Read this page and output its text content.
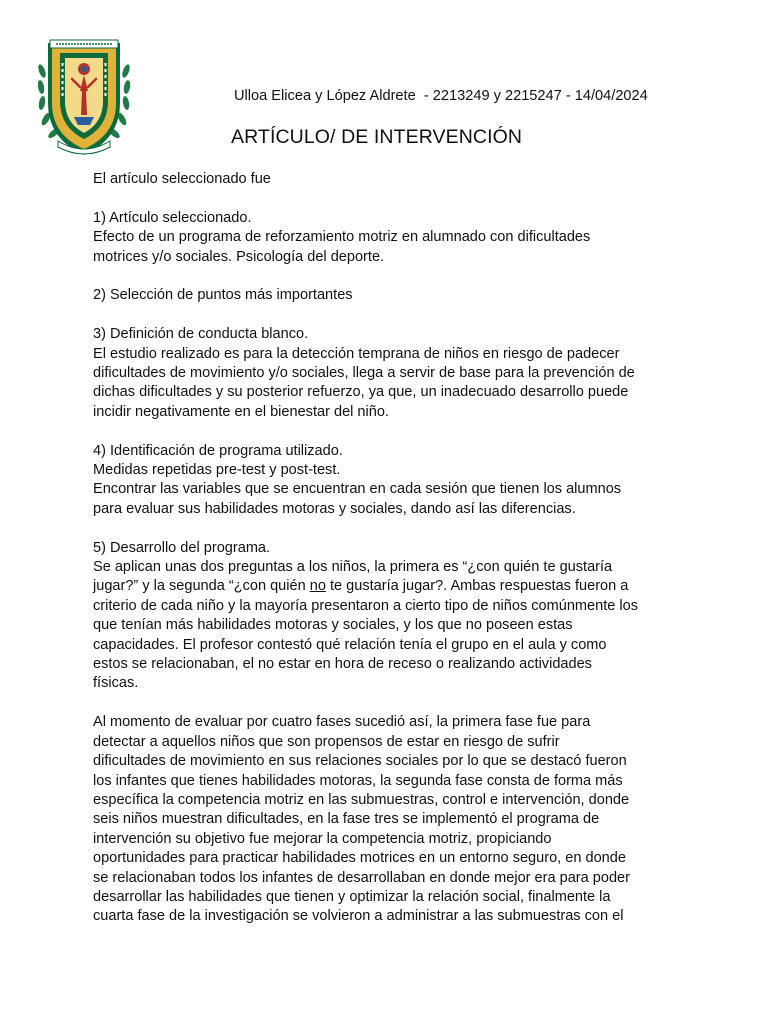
Ulloa Elicea y López Aldrete  - 2213249 y 2215247 - 14/04/2024

ARTÍCULO/ DE INTERVENCIÓN

El artículo seleccionado fue

1) Artículo seleccionado.

Efecto de un programa de reforzamiento motriz en alumnado con dificultades

motrices y/o sociales. Psicología del deporte.

2) Selección de puntos más importantes

3) Definición de conducta blanco.

El estudio realizado es para la detección temprana de niños en riesgo de padecer

dificultades de movimiento y/o sociales, llega a servir de base para la prevención de

dichas dificultades y su posterior refuerzo, ya que, un inadecuado desarrollo puede

incidir negativamente en el bienestar del niño.

4) Identificación de programa utilizado.

Medidas repetidas pre-test y post-test.

Encontrar las variables que se encuentran en cada sesión que tienen los alumnos

para evaluar sus habilidades motoras y sociales, dando así las diferencias.

5) Desarrollo del programa.

Se aplican unas dos preguntas a los niños, la primera es “¿con quién te gustaría

jugar?” y la segunda “¿con quién no te gustaría jugar?. Ambas respuestas fueron a

criterio de cada niño y la mayoría presentaron a cierto tipo de niños comúnmente los

que tenían más habilidades motoras y sociales, y los que no poseen estas

capacidades. El profesor contestó qué relación tenía el grupo en el aula y como

estos se relacionaban, el no estar en hora de receso o realizando actividades

físicas.

Al momento de evaluar por cuatro fases sucedió así, la primera fase fue para

detectar a aquellos niños que son propensos de estar en riesgo de sufrir

dificultades de movimiento en sus relaciones sociales por lo que se destacó fueron

los infantes que tienes habilidades motoras, la segunda fase consta de forma más

específica la competencia motriz en las submuestras, control e intervención, donde

seis niños muestran dificultades, en la fase tres se implementó el programa de

intervención su objetivo fue mejorar la competencia motriz, propiciando

oportunidades para practicar habilidades motrices en un entorno seguro, en donde

se relacionaban todos los infantes de desarrollaban en donde mejor era para poder

desarrollar las habilidades que tienen y optimizar la relación social, finalmente la

cuarta fase de la investigación se volvieron a administrar a las submuestras con el
